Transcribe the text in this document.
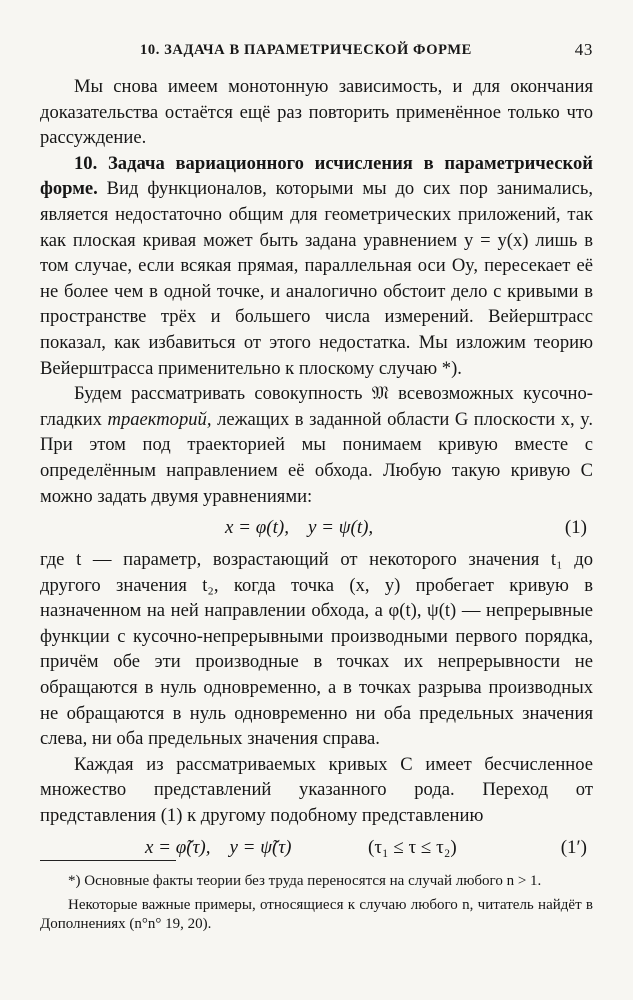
10. ЗАДАЧА В ПАРАМЕТРИЧЕСКОЙ ФОРМЕ	43

Мы снова имеем монотонную зависимость, и для окончания доказательства остаётся ещё раз повторить применённое только что рассуждение.

10. Задача вариационного исчисления в параметрической форме. Вид функционалов, которыми мы до сих пор занимались, является недостаточно общим для геометрических приложений, так как плоская кривая может быть задана уравнением y = y(x) лишь в том случае, если всякая прямая, параллельная оси Oy, пересекает её не более чем в одной точке, и аналогично обстоит дело с кривыми в пространстве трёх и большего числа измерений. Вейерштрасс показал, как избавиться от этого недостатка. Мы изложим теорию Вейерштрасса применительно к плоскому случаю *).

Будем рассматривать совокупность 𝔐 всевозможных кусочно-гладких траекторий, лежащих в заданной области G плоскости x, y. При этом под траекторией мы понимаем кривую вместе с определённым направлением её обхода. Любую такую кривую C можно задать двумя уравнениями:

x = φ(t),    y = ψ(t),	(1)

где t — параметр, возрастающий от некоторого значения t₁ до другого значения t₂, когда точка (x, y) пробегает кривую в назначенном на ней направлении обхода, а φ(t), ψ(t) — непрерывные функции с кусочно-непрерывными производными первого порядка, причём обе эти производные в точках их непрерывности не обращаются в нуль одновременно, а в точках разрыва производных не обращаются в нуль одновременно ни оба предельных значения слева, ни оба предельных значения справа.

Каждая из рассматриваемых кривых C имеет бесчисленное множество представлений указанного рода. Переход от представления (1) к другому подобному представлению

x = φ̃(τ),    y = ψ̃(τ)	(τ₁ ≤ τ ≤ τ₂)	(1′)

*) Основные факты теории без труда переносятся на случай любого n > 1.

Некоторые важные примеры, относящиеся к случаю любого n, читатель найдёт в Дополнениях (n°n° 19, 20).
